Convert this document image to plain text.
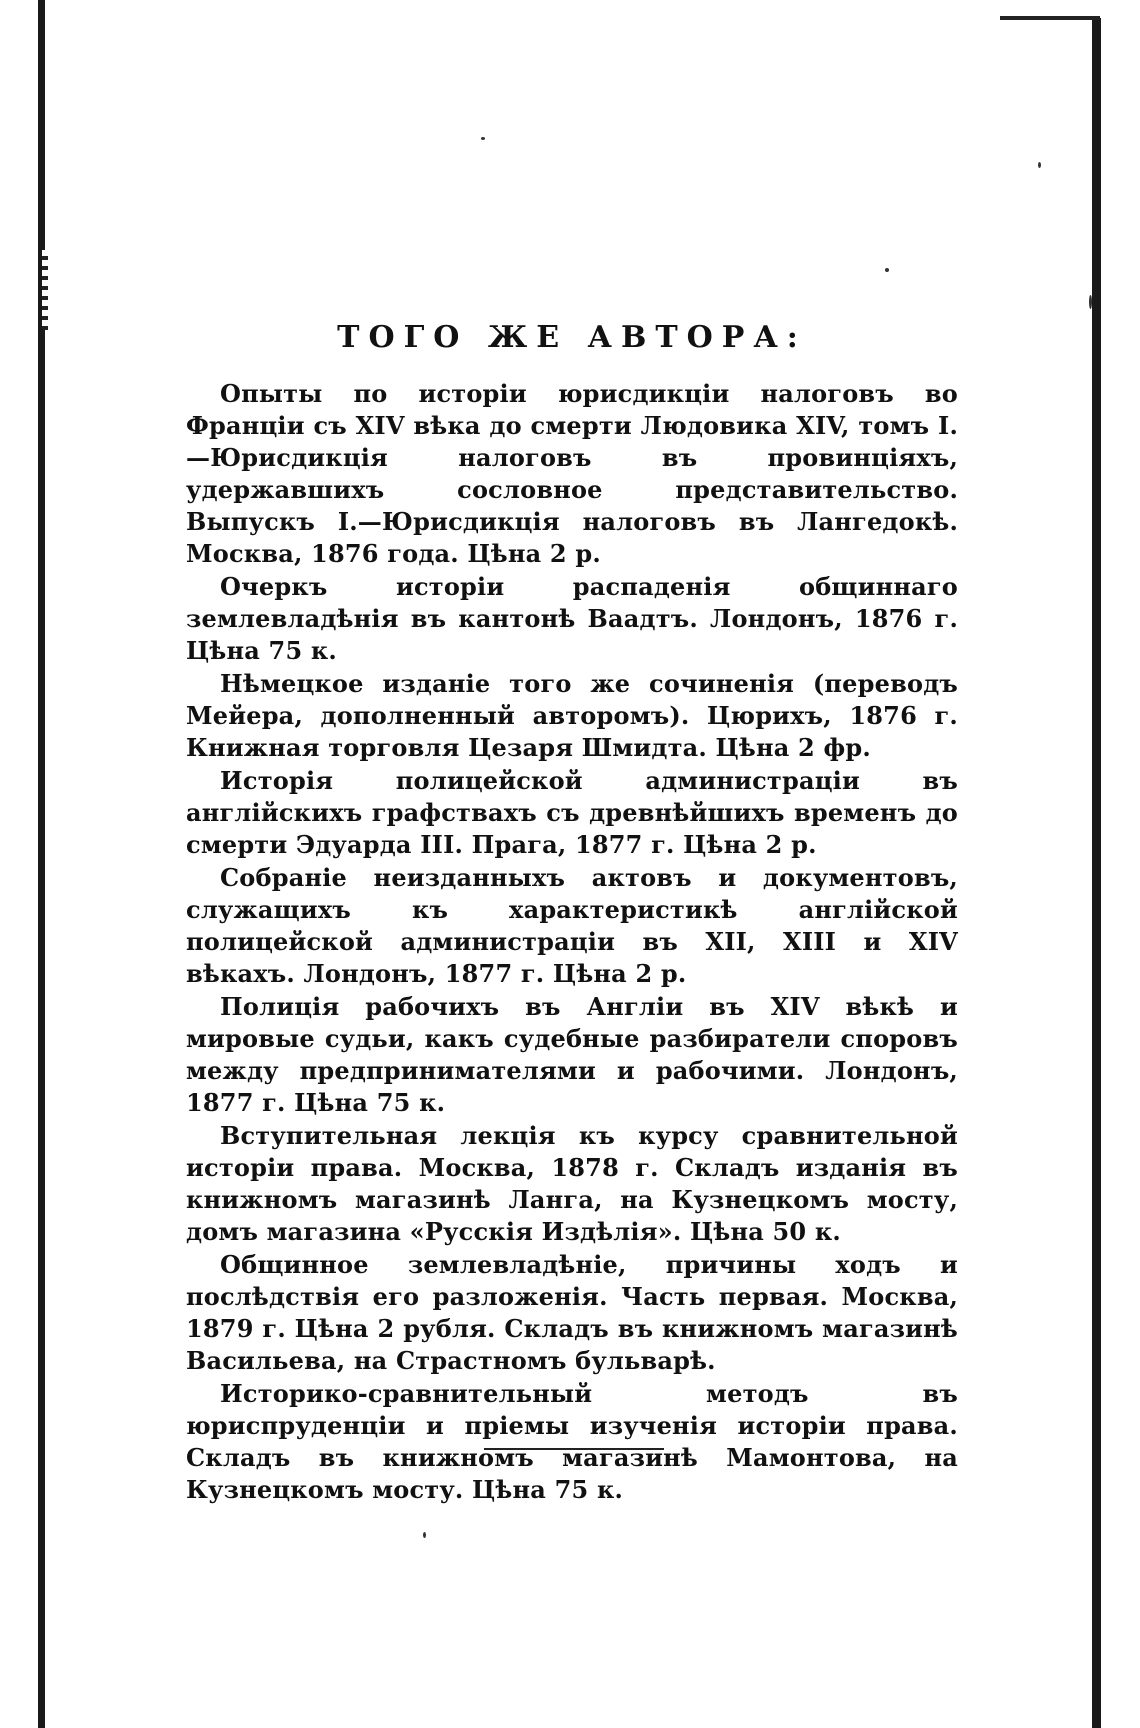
ТОГО ЖЕ АВТОРА:

Опыты по исторіи юрисдикціи налоговъ во Франціи съ XIV вѣка до смерти Людовика XIV, томъ I.—Юрисдикція налоговъ въ провинціяхъ, удержавшихъ сословное представительство. Выпускъ I.—Юрисдикція налоговъ въ Лангедокѣ. Москва, 1876 года. Цѣна 2 р.

Очеркъ исторіи распаденія общиннаго землевладѣнія въ кантонѣ Ваадтъ. Лондонъ, 1876 г. Цѣна 75 к.

Нѣмецкое изданіе того же сочиненія (переводъ Мейера, дополненный авторомъ). Цюрихъ, 1876 г. Книжная торговля Цезаря Шмидта. Цѣна 2 фр.

Исторія полицейской администраціи въ англійскихъ графствахъ съ древнѣйшихъ временъ до смерти Эдуарда III. Прага, 1877 г. Цѣна 2 р.

Собраніе неизданныхъ актовъ и документовъ, служащихъ къ характеристикѣ англійской полицейской администраціи въ XII, XIII и XIV вѣкахъ. Лондонъ, 1877 г. Цѣна 2 р.

Полиція рабочихъ въ Англіи въ XIV вѣкѣ и мировые судьи, какъ судебные разбиратели споровъ между предпринимателями и рабочими. Лондонъ, 1877 г. Цѣна 75 к.

Вступительная лекція къ курсу сравнительной исторіи права. Москва, 1878 г. Складъ изданія въ книжномъ магазинѣ Ланга, на Кузнецкомъ мосту, домъ магазина «Русскія Издѣлія». Цѣна 50 к.

Общинное землевладѣніе, причины ходъ и послѣдствія его разложенія. Часть первая. Москва, 1879 г. Цѣна 2 рубля. Складъ въ книжномъ магазинѣ Васильева, на Страстномъ бульварѣ.

Историко-сравнительный методъ въ юриспруденціи и пріемы изученія исторіи права. Складъ въ книжномъ магазинѣ Мамонтова, на Кузнецкомъ мосту. Цѣна 75 к.
